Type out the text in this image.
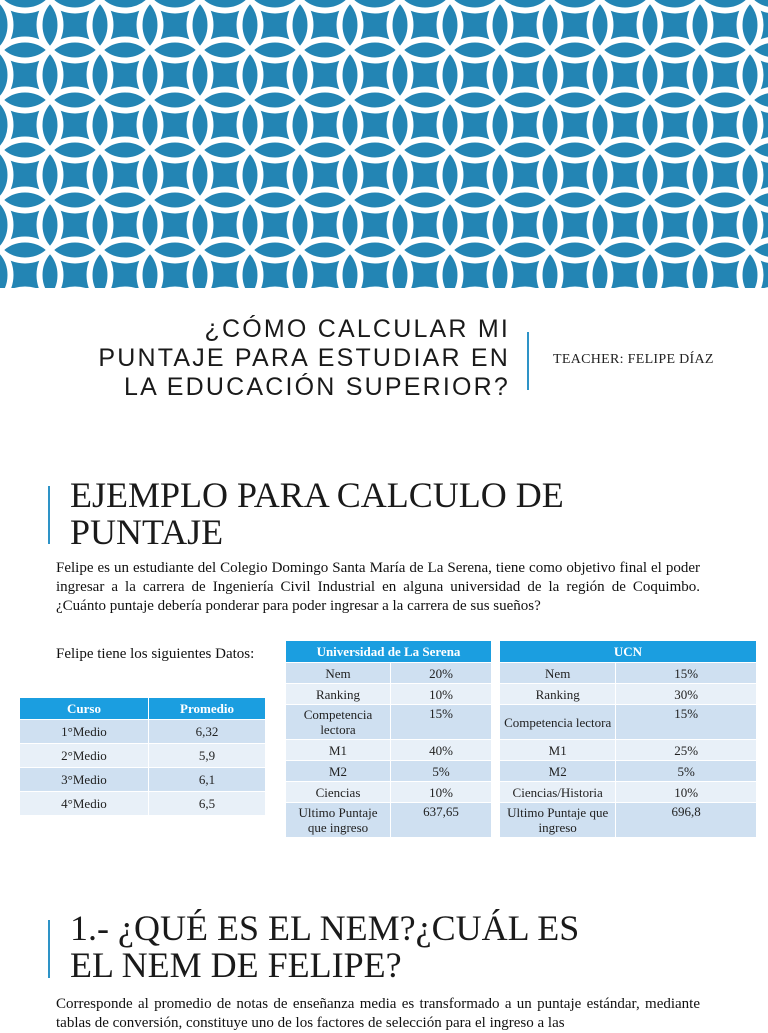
¿CÓMO CALCULAR MI
PUNTAJE PARA ESTUDIAR EN
LA EDUCACIÓN SUPERIOR?
TEACHER: FELIPE DÍAZ
EJEMPLO PARA CALCULO DE
PUNTAJE

Felipe es un estudiante del Colegio Domingo Santa María de La Serena, tiene como objetivo final el poder ingresar a la carrera de Ingeniería Civil Industrial en alguna universidad de la región de Coquimbo. ¿Cuánto puntaje debería ponderar para poder ingresar a la carrera de sus sueños?

Felipe tiene los siguientes Datos:
Curso	Promedio
1°Medio	6,32
2°Medio	5,9
3°Medio	6,1
4°Medio	6,5
Universidad de La Serena	
Nem	20%
Ranking	10%
Competencia lectora	15%
M1	40%
M2	5%
Ciencias	10%
Ultimo Puntaje que ingreso	637,65
UCN	
Nem	15%
Ranking	30%
Competencia lectora	15%
M1	25%
M2	5%
Ciencias/Historia	10%
Ultimo Puntaje que ingreso	696,8
1.- ¿QUÉ ES EL NEM?¿CUÁL ES
EL NEM DE FELIPE?

Corresponde al promedio de notas de enseñanza media es transformado a un puntaje estándar, mediante tablas de conversión, constituye uno de los factores de selección para el ingreso a las
